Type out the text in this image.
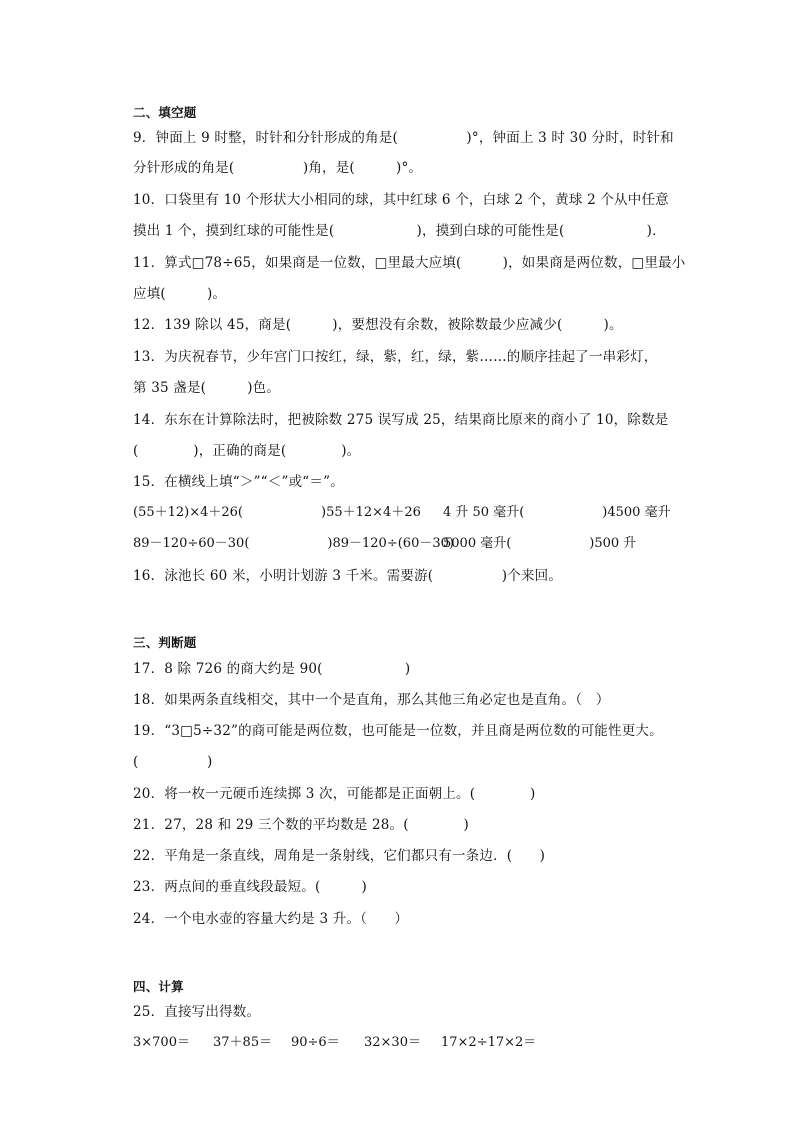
二、填空题
9．钟面上 9 时整，时针和分针形成的角是(　　　　　)°，钟面上 3 时 30 分时，时针和
分针形成的角是(　　　　　)角，是(　　　)°。
10．口袋里有 10 个形状大小相同的球，其中红球 6 个，白球 2 个，黄球 2 个从中任意
摸出 1 个，摸到红球的可能性是(　　　　　　)，摸到白球的可能性是(　　　　　　)．
11．算式□78÷65，如果商是一位数，□里最大应填(　　　)，如果商是两位数，□里最小
应填(　　　)。
12．139 除以 45，商是(　　　)，要想没有余数，被除数最少应减少(　　　)。
13．为庆祝春节，少年宫门口按红，绿，紫，红，绿，紫……的顺序挂起了一串彩灯，
第 35 盏是(　　　)色。
14．东东在计算除法时，把被除数 275 误写成 25，结果商比原来的商小了 10，除数是
(　　　　)，正确的商是(　　　　)。
15．在横线上填“＞”“＜”或“＝”。
(55＋12)×4＋26(　　　　　　)55＋12×4＋26 4 升 50 毫升(　　　　　　)4500 毫升
89－120÷60－30(　　　　　　)89－120÷(60－30)
5000 毫升(　　　　　　)500 升
16．泳池长 60 米，小明计划游 3 千米。需要游(　　　　　)个来回。
三、判断题
17．8 除 726 的商大约是 90(　　　　　　)
18．如果两条直线相交，其中一个是直角，那么其他三角必定也是直角。（　）
19．“3□5÷32”的商可能是两位数，也可能是一位数，并且商是两位数的可能性更大。
(　　　　　)
20．将一枚一元硬币连续掷 3 次，可能都是正面朝上。(　　　　)
21．27，28 和 29 三个数的平均数是 28。(　　　　)
22．平角是一条直线，周角是一条射线，它们都只有一条边．(　　)
23．两点间的垂直线段最短。(　　　)
24．一个电水壶的容量大约是 3 升。（　　）
四、计算
25．直接写出得数。
3×700＝ 37＋85＝ 90÷6＝ 32×30＝ 17×2÷17×2＝
